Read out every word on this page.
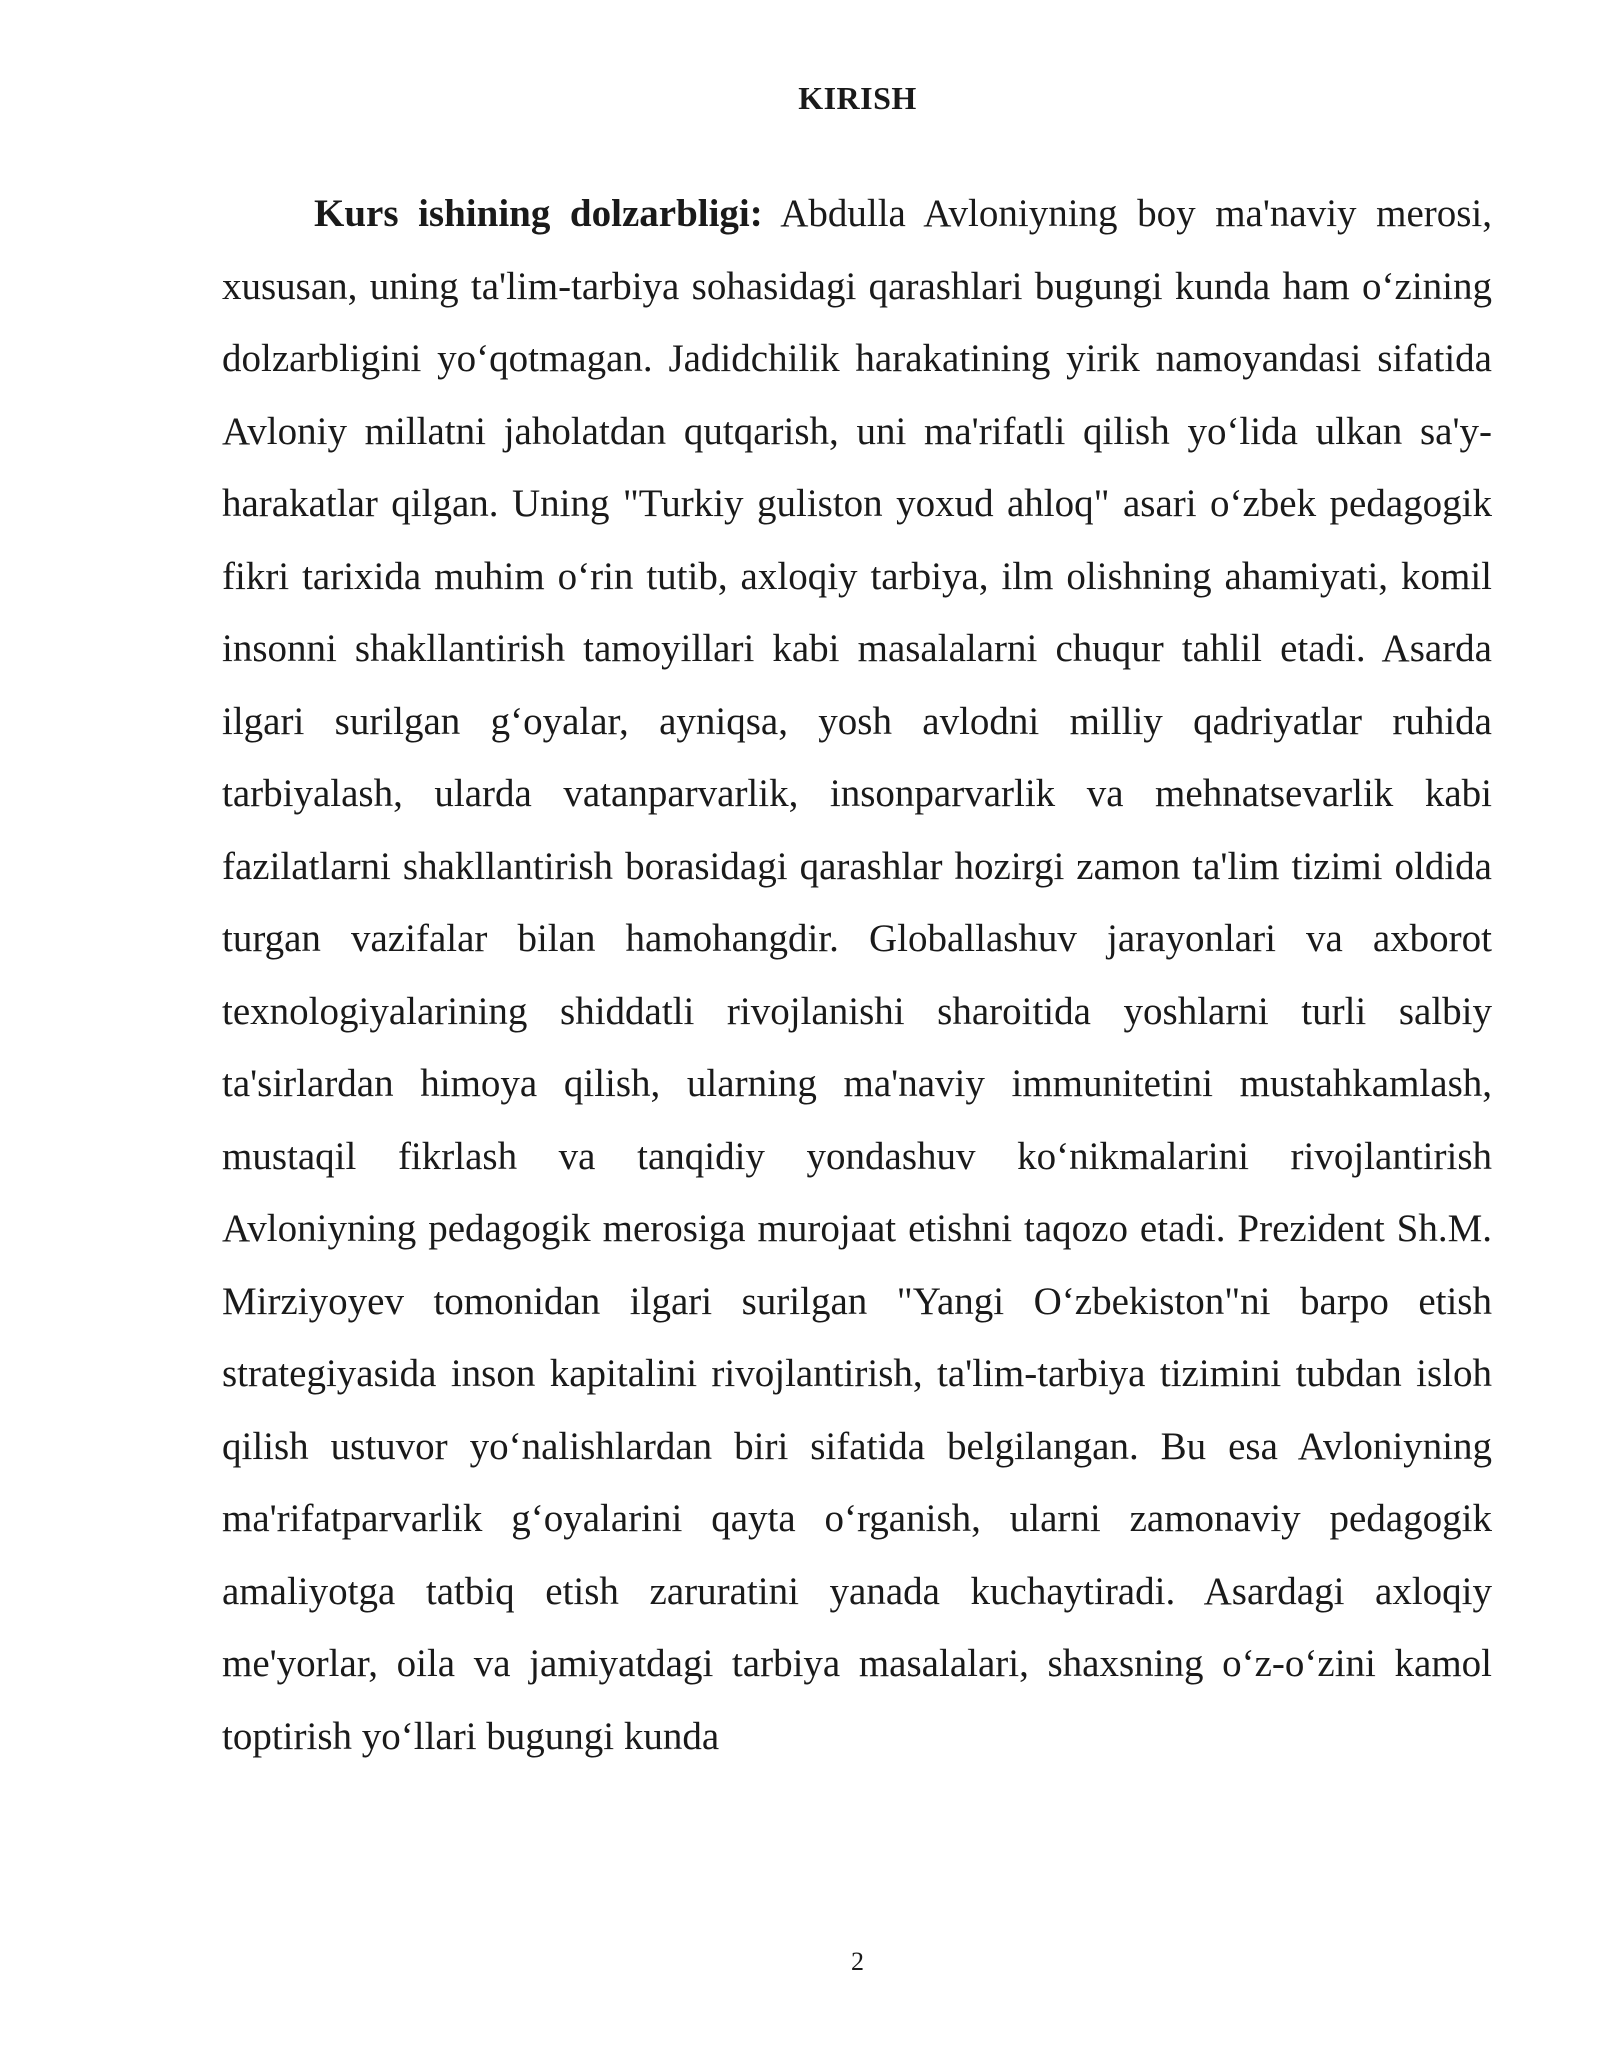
KIRISH

Kurs ishining dolzarbligi: Abdulla Avloniyning boy ma'naviy merosi, xususan, uning ta'lim-tarbiya sohasidagi qarashlari bugungi kunda ham o‘zining dolzarbligini yo‘qotmagan. Jadidchilik harakatining yirik namoyandasi sifatida Avloniy millatni jaholatdan qutqarish, uni ma'rifatli qilish yo‘lida ulkan sa'y-harakatlar qilgan. Uning "Turkiy guliston yoxud ahloq" asari o‘zbek pedagogik fikri tarixida muhim o‘rin tutib, axloqiy tarbiya, ilm olishning ahamiyati, komil insonni shakllantirish tamoyillari kabi masalalarni chuqur tahlil etadi. Asarda ilgari surilgan g‘oyalar, ayniqsa, yosh avlodni milliy qadriyatlar ruhida tarbiyalash, ularda vatanparvarlik, insonparvarlik va mehnatsevarlik kabi fazilatlarni shakllantirish borasidagi qarashlar hozirgi zamon ta'lim tizimi oldida turgan vazifalar bilan hamohangdir. Globallashuv jarayonlari va axborot texnologiyalarining shiddatli rivojlanishi sharoitida yoshlarni turli salbiy ta'sirlardan himoya qilish, ularning ma'naviy immunitetini mustahkamlash, mustaqil fikrlash va tanqidiy yondashuv ko‘nikmalarini rivojlantirish Avloniyning pedagogik merosiga murojaat etishni taqozo etadi. Prezident Sh.M. Mirziyoyev tomonidan ilgari surilgan "Yangi O‘zbekiston"ni barpo etish strategiyasida inson kapitalini rivojlantirish, ta'lim-tarbiya tizimini tubdan isloh qilish ustuvor yo‘nalishlardan biri sifatida belgilangan. Bu esa Avloniyning ma'rifatparvarlik g‘oyalarini qayta o‘rganish, ularni zamonaviy pedagogik amaliyotga tatbiq etish zaruratini yanada kuchaytiradi. Asardagi axloqiy me'yorlar, oila va jamiyatdagi tarbiya masalalari, shaxsning o‘z-o‘zini kamol toptirish yo‘llari bugungi kunda

2
